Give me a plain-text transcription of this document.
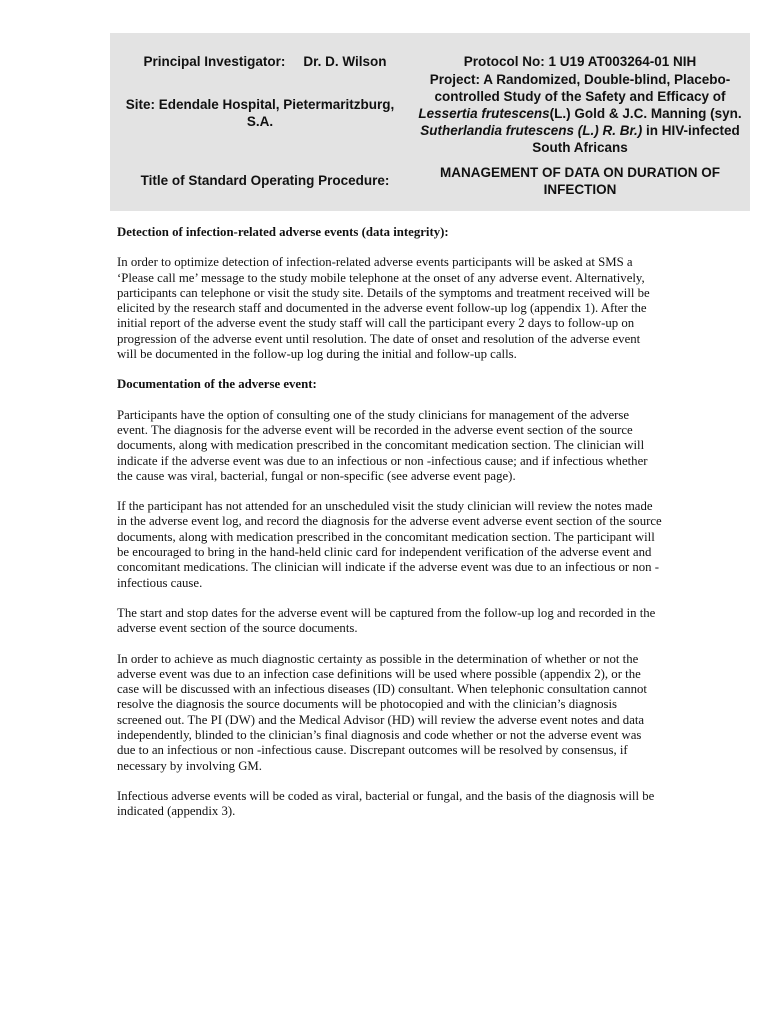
Principal Investigator: Dr. D. Wilson
Site: Edendale Hospital, Pietermaritzburg,
S.A.
Title of Standard Operating Procedure:
Protocol No: 1 U19 AT003264-01 NIH
Project: A Randomized, Double-blind, Placebo-controlled Study of the Safety and Efficacy of Lessertia frutescens(L.) Gold & J.C. Manning (syn. Sutherlandia frutescens (L.) R. Br.) in HIV-infected South Africans
MANAGEMENT OF DATA ON DURATION OF
INFECTION
Detection of infection-related adverse events (data integrity):

In order to optimize detection of infection-related adverse events participants will be asked at SMS a ‘Please call me’ message to the study mobile telephone at the onset of any adverse event. Alternatively, participants can telephone or visit the study site. Details of the symptoms and treatment received will be elicited by the research staff and documented in the adverse event follow-up log (appendix 1). After the initial report of the adverse event the study staff will call the participant every 2 days to follow-up on progression of the adverse event until resolution. The date of onset and resolution of the adverse event will be documented in the follow-up log during the initial and follow-up calls.

Documentation of the adverse event:

Participants have the option of consulting one of the study clinicians for management of the adverse event. The diagnosis for the adverse event will be recorded in the adverse event section of the source documents, along with medication prescribed in the concomitant medication section. The clinician will indicate if the adverse event was due to an infectious or non -infectious cause; and if infectious whether the cause was viral, bacterial, fungal or non-specific (see adverse event page).

If the participant has not attended for an unscheduled visit the study clinician will review the notes made in the adverse event log, and record the diagnosis for the adverse event adverse event section of the source documents, along with medication prescribed in the concomitant medication section. The participant will be encouraged to bring in the hand-held clinic card for independent verification of the adverse event and concomitant medications. The clinician will indicate if the adverse event was due to an infectious or non -infectious cause.

The start and stop dates for the adverse event will be captured from the follow-up log and recorded in the adverse event section of the source documents.

In order to achieve as much diagnostic certainty as possible in the determination of whether or not the adverse event was due to an infection case definitions will be used where possible (appendix 2), or the case will be discussed with an infectious diseases (ID) consultant. When telephonic consultation cannot resolve the diagnosis the source documents will be photocopied and with the clinician’s diagnosis screened out. The PI (DW) and the Medical Advisor (HD) will review the adverse event notes and data independently, blinded to the clinician’s final diagnosis and code whether or not the adverse event was due to an infectious or non -infectious cause. Discrepant outcomes will be resolved by consensus, if necessary by involving GM.

Infectious adverse events will be coded as viral, bacterial or fungal, and the basis of the diagnosis will be indicated (appendix 3).
